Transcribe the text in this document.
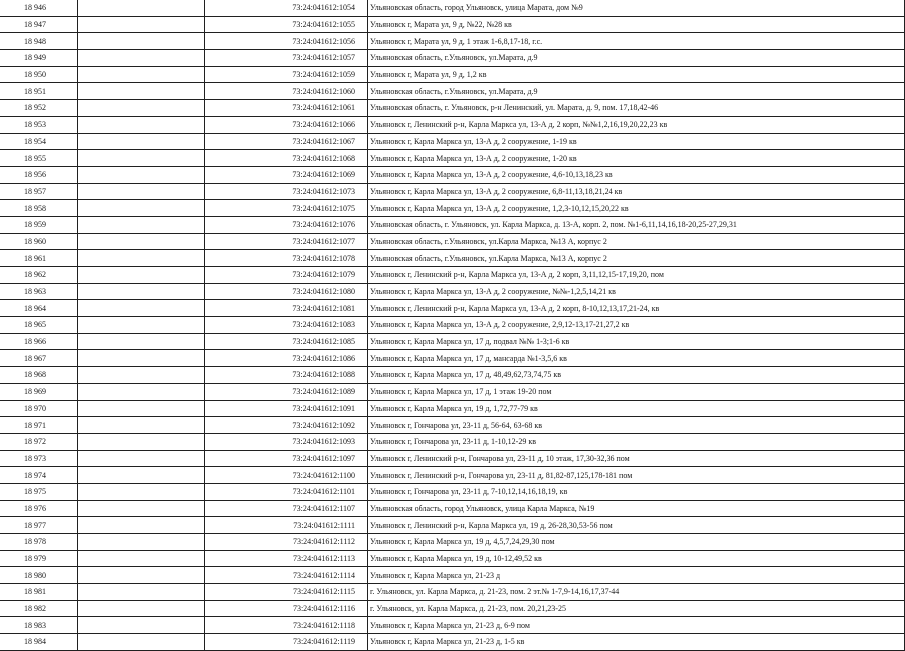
18 946		73:24:041612:1054	Ульяновская область, город Ульяновск, улица Марата, дом №9
18 947		73:24:041612:1055	Ульяновск г, Марата ул, 9 д, №22, №28 кв
18 948		73:24:041612:1056	Ульяновск г, Марата ул, 9 д, 1 этаж 1-6,8,17-18, г.с.
18 949		73:24:041612:1057	Ульяновская область, г.Ульяновск, ул.Марата, д.9
18 950		73:24:041612:1059	Ульяновск г, Марата ул, 9 д, 1,2 кв
18 951		73:24:041612:1060	Ульяновская область, г.Ульяновск, ул.Марата, д.9
18 952		73:24:041612:1061	Ульяновская область, г. Ульяновск, р-н Ленинский, ул. Марата, д. 9, пом. 17,18,42-46
18 953		73:24:041612:1066	Ульяновск г, Ленинский р-н, Карла Маркса ул, 13-А д, 2 корп, №№1,2,16,19,20,22,23 кв
18 954		73:24:041612:1067	Ульяновск г, Карла Маркса ул, 13-А д, 2 сооружение, 1-19 кв
18 955		73:24:041612:1068	Ульяновск г, Карла Маркса ул, 13-А д, 2 сооружение, 1-20 кв
18 956		73:24:041612:1069	Ульяновск г, Карла Маркса ул, 13-А д, 2 сооружение, 4,6-10,13,18,23 кв
18 957		73:24:041612:1073	Ульяновск г, Карла Маркса ул, 13-А д, 2 сооружение, 6,8-11,13,18,21,24 кв
18 958		73:24:041612:1075	Ульяновск г, Карла Маркса ул, 13-А д, 2 сооружение, 1,2,3-10,12,15,20,22 кв
18 959		73:24:041612:1076	Ульяновская область, г. Ульяновск, ул. Карла Маркса, д. 13-А, корп. 2, пом. №1-6,11,14,16,18-20,25-27,29,31
18 960		73:24:041612:1077	Ульяновская область, г.Ульяновск, ул.Карла Маркса, №13 А, корпус 2
18 961		73:24:041612:1078	Ульяновская область, г.Ульяновск, ул.Карла Маркса, №13 А, корпус 2
18 962		73:24:041612:1079	Ульяновск г, Ленинский р-н, Карла Маркса ул, 13-А д, 2 корп, 3,11,12,15-17,19,20, пом
18 963		73:24:041612:1080	Ульяновск г, Карла Маркса ул, 13-А д, 2 сооружение, №№-1,2,5,14,21 кв
18 964		73:24:041612:1081	Ульяновск г, Ленинский р-н, Карла Маркса ул, 13-А д, 2 корп, 8-10,12,13,17,21-24, кв
18 965		73:24:041612:1083	Ульяновск г, Карла Маркса ул, 13-А д, 2 сооружение, 2,9,12-13,17-21,27,2 кв
18 966		73:24:041612:1085	Ульяновск г, Карла Маркса ул, 17 д, подвал №№ 1-3;1-6 кв
18 967		73:24:041612:1086	Ульяновск г, Карла Маркса ул, 17 д, мансарда №1-3,5,6 кв
18 968		73:24:041612:1088	Ульяновск г, Карла Маркса ул, 17 д, 48,49,62,73,74,75 кв
18 969		73:24:041612:1089	Ульяновск г, Карла Маркса ул, 17 д, 1 этаж 19-20 пом
18 970		73:24:041612:1091	Ульяновск г, Карла Маркса ул, 19 д, 1,72,77-79 кв
18 971		73:24:041612:1092	Ульяновск г, Гончарова ул, 23-11 д, 56-64, 63-68 кв
18 972		73:24:041612:1093	Ульяновск г, Гончарова ул, 23-11 д, 1-10,12-29 кв
18 973		73:24:041612:1097	Ульяновск г, Ленинский р-н, Гончарова ул, 23-11 д, 10 этаж, 17,30-32,36 пом
18 974		73:24:041612:1100	Ульяновск г, Ленинский р-н, Гончарова ул, 23-11 д, 81,82-87,125,178-181 пом
18 975		73:24:041612:1101	Ульяновск г, Гончарова ул, 23-11 д, 7-10,12,14,16,18,19, кв
18 976		73:24:041612:1107	Ульяновская область, город Ульяновск, улица Карла Маркса, №19
18 977		73:24:041612:1111	Ульяновск г, Ленинский р-н, Карла Маркса ул, 19 д, 26-28,30,53-56 пом
18 978		73:24:041612:1112	Ульяновск г, Карла Маркса ул, 19 д, 4,5,7,24,29,30 пом
18 979		73:24:041612:1113	Ульяновск г, Карла Маркса ул, 19 д, 10-12,49,52 кв
18 980		73:24:041612:1114	Ульяновск г, Карла Маркса ул, 21-23 д
18 981		73:24:041612:1115	г. Ульяновск, ул. Карла Маркса, д. 21-23, пом. 2 эт.№ 1-7,9-14,16,17,37-44
18 982		73:24:041612:1116	г. Ульяновск, ул. Карла Маркса, д. 21-23, пом. 20,21,23-25
18 983		73:24:041612:1118	Ульяновск г, Карла Маркса ул, 21-23 д, 6-9 пом
18 984		73:24:041612:1119	Ульяновск г, Карла Маркса ул, 21-23 д, 1-5 кв
